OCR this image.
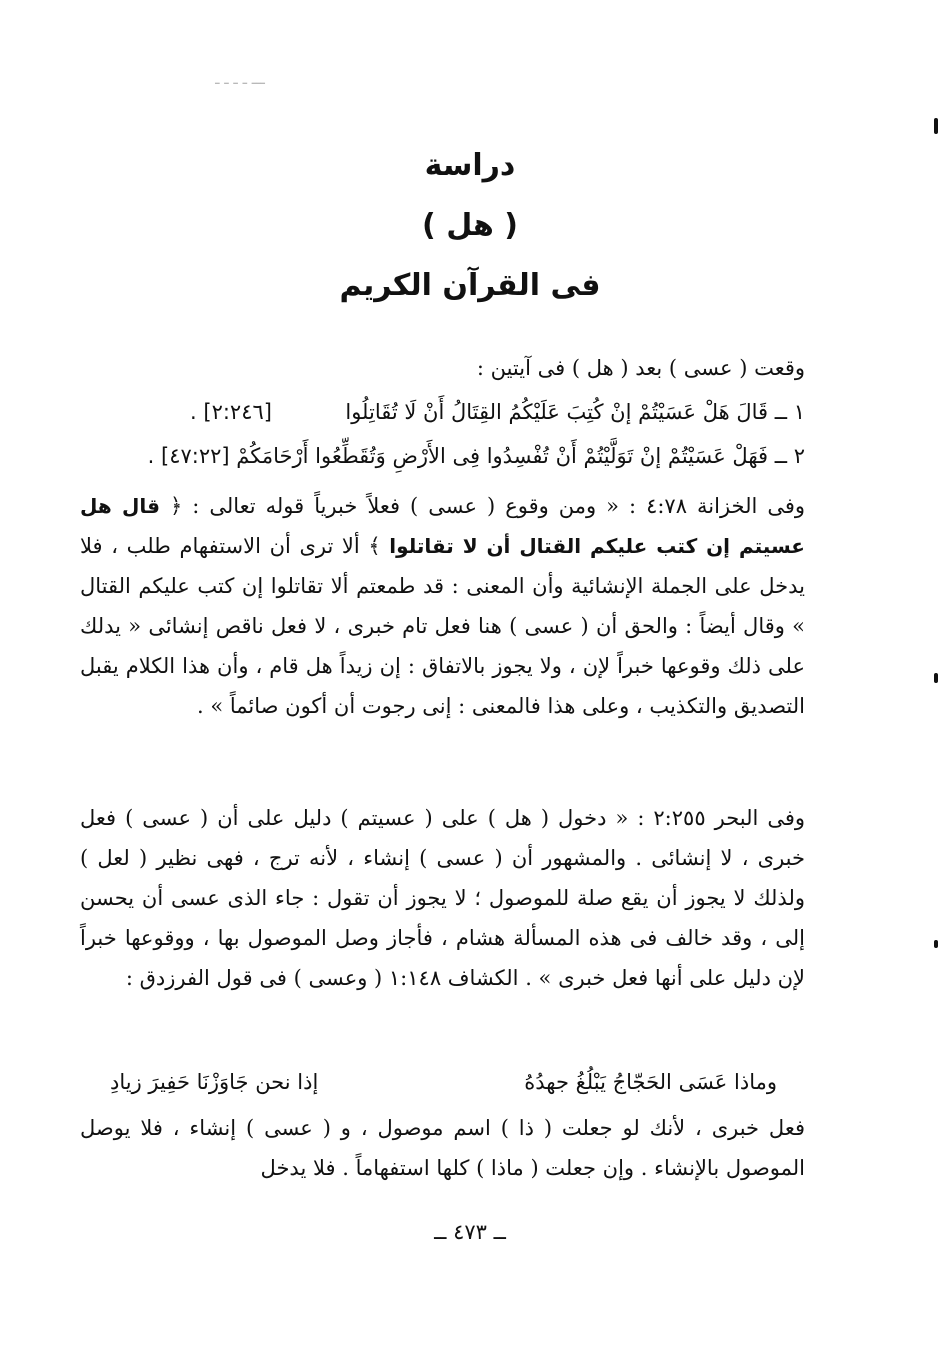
ـــ ـ ـ ـ ـ
دراسة
( هل )
فى القرآن الكريم
وقعت ( عسى ) بعد ( هل ) فى آيتين :
١ ــ قَالَ هَلْ عَسَيْتُمْ إنْ كُتِبَ عَلَيْكُمُ القِتَالُ أَنْ لَا تُقَاتِلُوا  [٢:٢٤٦] .
٢ ــ فَهَلْ عَسَيْتُمْ إنْ تَوَلَّيْتُمْ أَنْ تُفْسِدُوا فِى الأَرْضِ وَتُقَطِّعُوا أَرْحَامَكُمْ [٤٧:٢٢] .
وفى الخزانة ٤:٧٨ : « ومن وقوع ( عسى ) فعلاً خبرياً قوله تعالى : ﴿ قال هل عسيتم إن كتب عليكم القتال أن لا تقاتلوا ﴾ ألا ترى أن الاستفهام طلب ، فلا يدخل على الجملة الإنشائية وأن المعنى : قد طمعتم ألا تقاتلوا إن كتب عليكم القتال » وقال أيضاً : والحق أن ( عسى ) هنا فعل تام خبرى ، لا فعل ناقص إنشائى « يدلك على ذلك وقوعها خبراً لإن ، ولا يجوز بالاتفاق : إن زيداً هل قام ، وأن هذا الكلام يقبل التصديق والتكذيب ، وعلى هذا فالمعنى : إنى رجوت أن أكون صائماً » .
وفى البحر ٢:٢٥٥ : « دخول ( هل ) على ( عسيتم ) دليل على أن ( عسى ) فعل خبرى ، لا إنشائى . والمشهور أن ( عسى ) إنشاء ، لأنه ترج ، فهى نظير ( لعل ) ولذلك لا يجوز أن يقع صلة للموصول ؛ لا يجوز أن تقول : جاء الذى عسى أن يحسن إلى ، وقد خالف فى هذه المسألة هشام ، فأجاز وصل الموصول بها ، ووقوعها خبراً لإن دليل على أنها فعل خبرى » . الكشاف ١:١٤٨ ( وعسى ) فى قول الفرزدق :
وماذا عَسَى الحَجّاجُ يَبْلُغُ جهدُهُ
إذا نحن جَاوَزْنَا حَفِيرَ زيادِ
فعل خبرى ، لأنك لو جعلت ( ذا ) اسم موصول ، و ( عسى ) إنشاء ، فلا يوصل الموصول بالإنشاء . وإن جعلت ( ماذا ) كلها استفهاماً . فلا يدخل
ــ ٤٧٣ ــ
